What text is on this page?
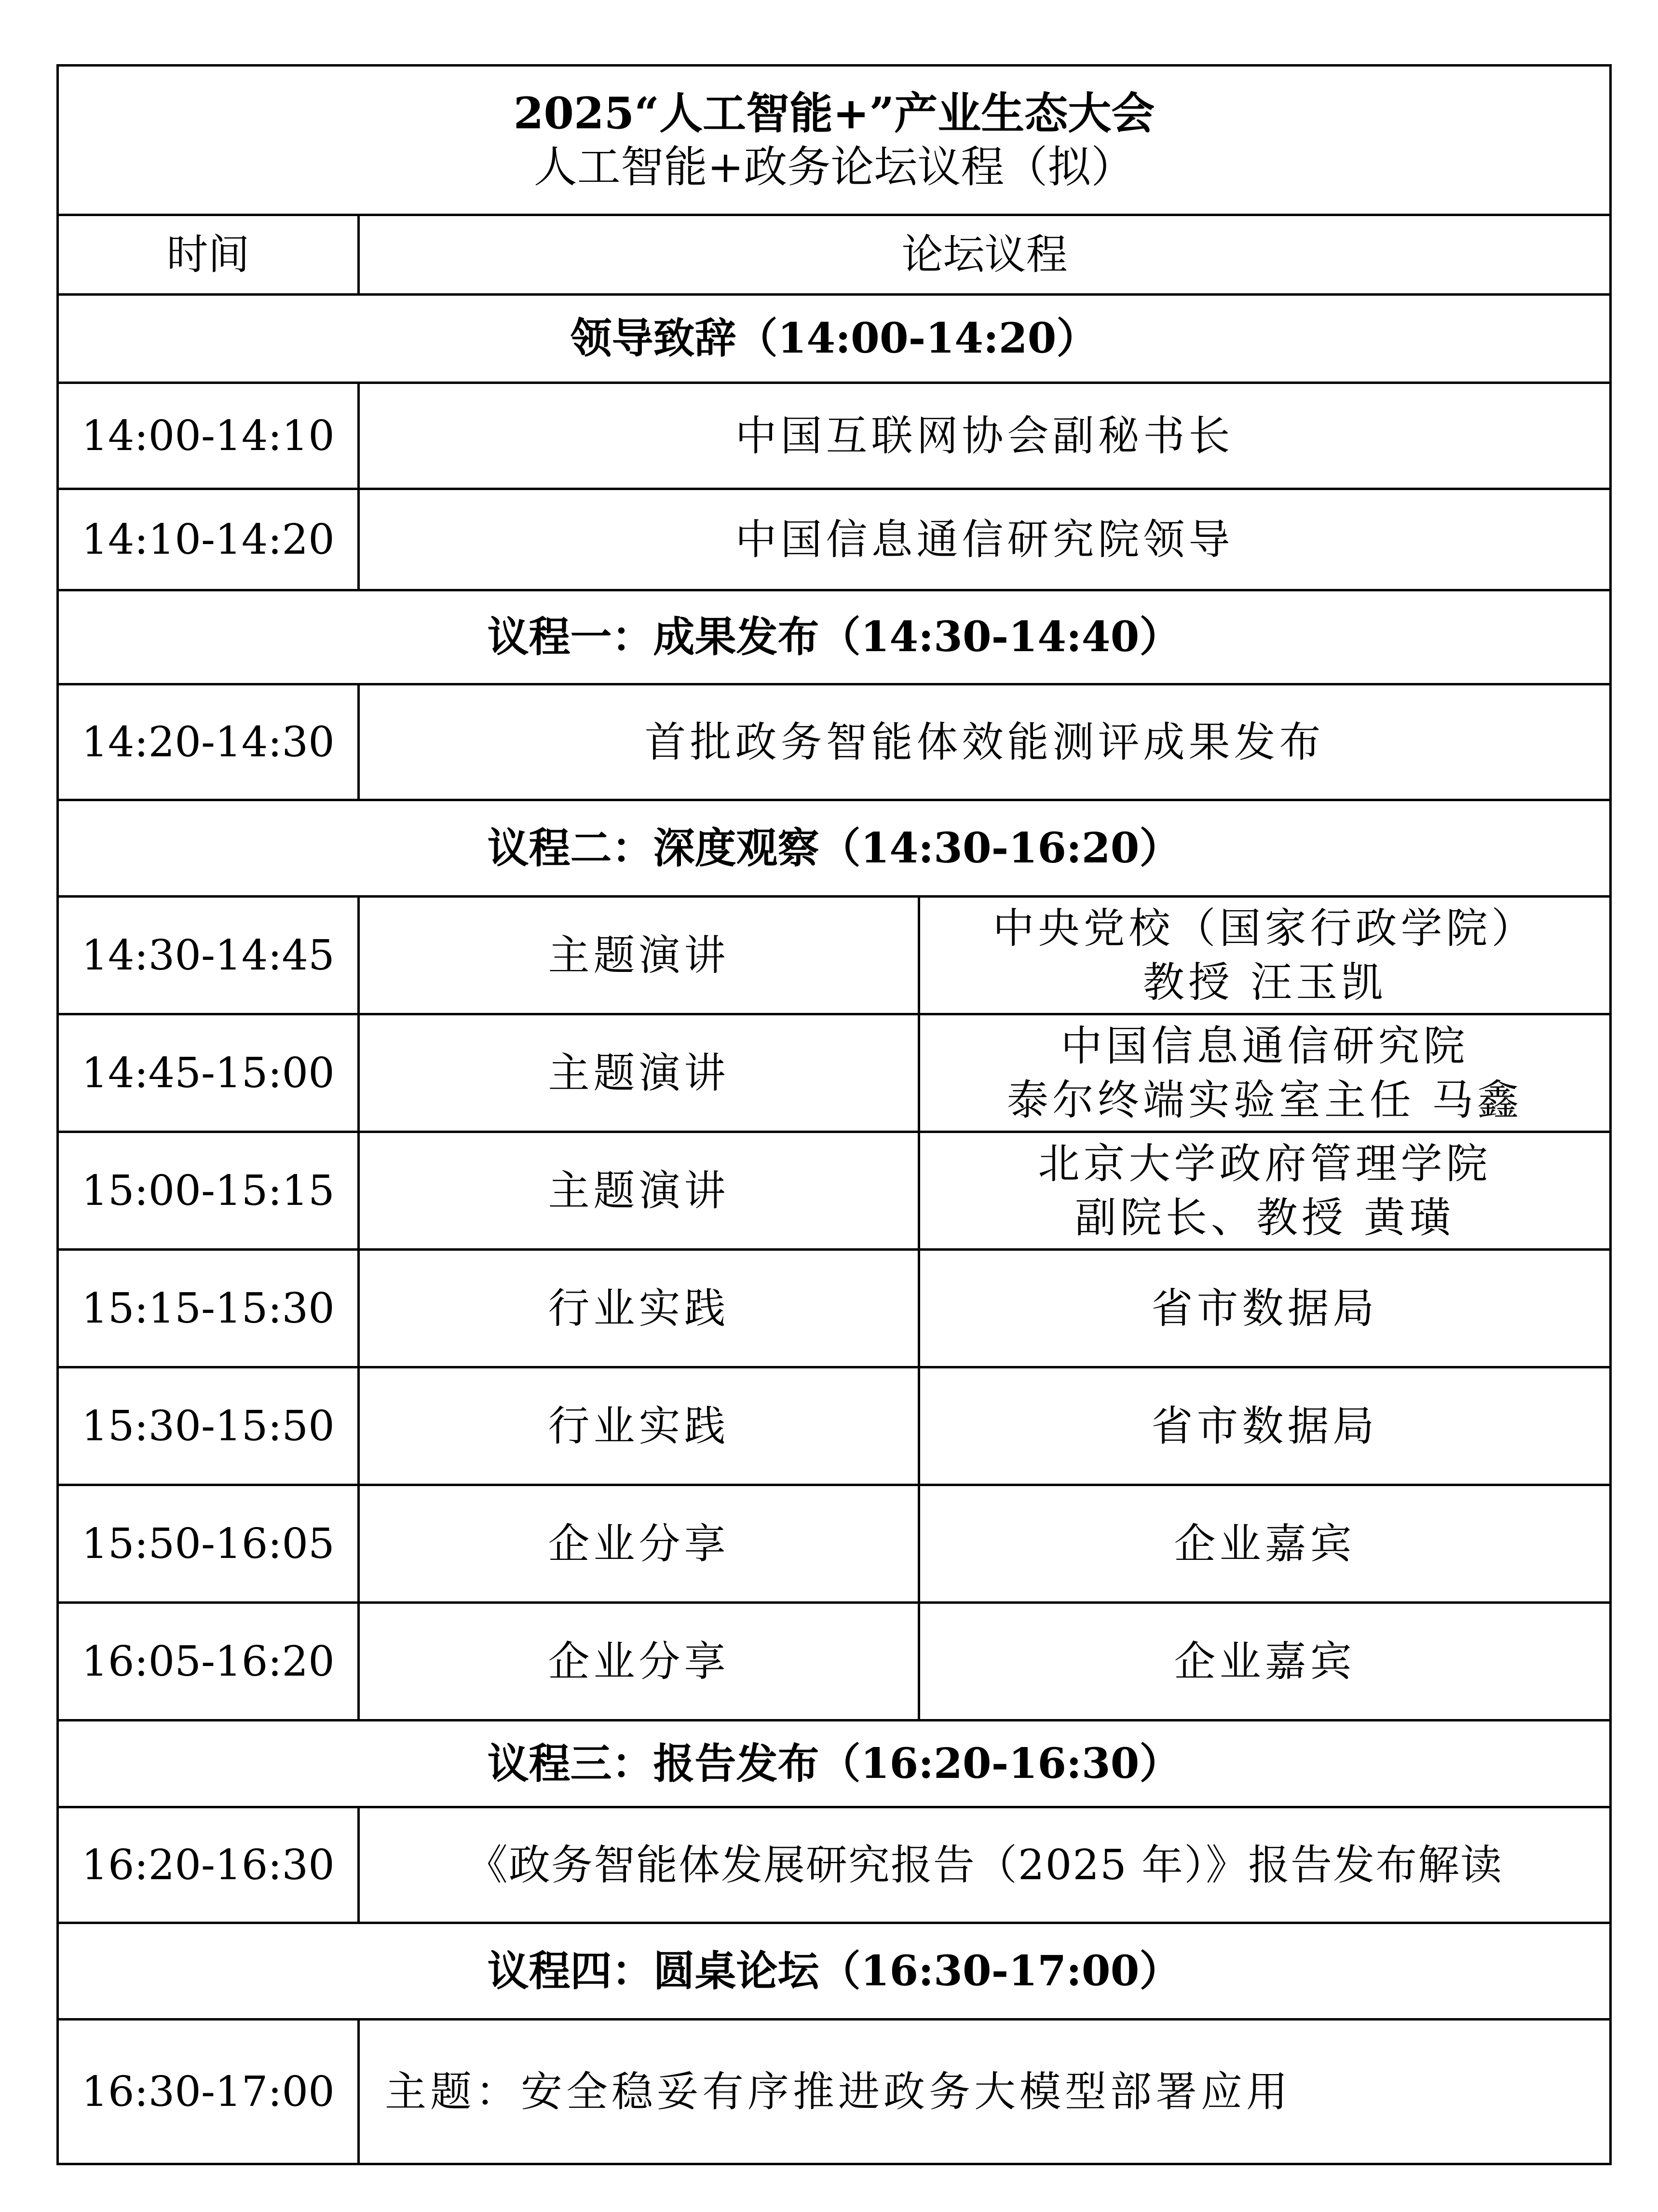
2025“人工智能+”产业生态大会
人工智能+政务论坛议程（拟）		

时间	论坛议程	
领导致辞（14:00-14:20）		
14:00-14:10	中国互联网协会副秘书长	
14:10-14:20	中国信息通信研究院领导	
议程一：成果发布（14:30-14:40）		
14:20-14:30	首批政务智能体效能测评成果发布	
议程二：深度观察（14:30-16:20）		
14:30-14:45	主题演讲	中央党校（国家行政学院）
教授 汪玉凯

14:45-15:00	主题演讲	中国信息通信研究院
泰尔终端实验室主任 马鑫

15:00-15:15	主题演讲	北京大学政府管理学院
副院长、教授 黄璜

15:15-15:30	行业实践	省市数据局
15:30-15:50	行业实践	省市数据局
15:50-16:05	企业分享	企业嘉宾
16:05-16:20	企业分享	企业嘉宾
议程三：报告发布（16:20-16:30）		
16:20-16:30	《政务智能体发展研究报告（2025 年）》报告发布解读	
议程四：圆桌论坛（16:30-17:00）		
16:30-17:00	主题：安全稳妥有序推进政务大模型部署应用	
